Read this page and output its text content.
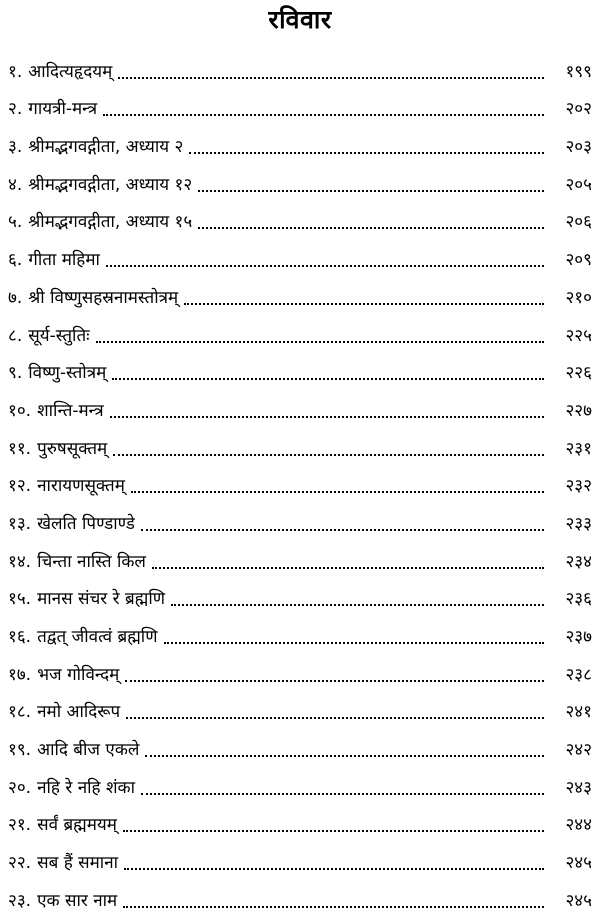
रविवार
१. आदित्यहृदयम्	१९९
२. गायत्री-मन्त्र	२०२
३. श्रीमद्भगवद्गीता, अध्याय २	२०३
४. श्रीमद्भगवद्गीता, अध्याय १२	२०५
५. श्रीमद्भगवद्गीता, अध्याय १५	२०६
६. गीता महिमा	२०९
७. श्री विष्णुसहस्रनामस्तोत्रम्	२१०
८. सूर्य-स्तुतिः	२२५
९. विष्णु-स्तोत्रम्	२२६
१०. शान्ति-मन्त्र	२२७
११. पुरुषसूक्तम्	२३१
१२. नारायणसूक्तम्	२३२
१३. खेलति पिण्डाण्डे	२३३
१४. चिन्ता नास्ति किल	२३४
१५. मानस संचर रे ब्रह्मणि	२३६
१६. तद्वत् जीवत्वं ब्रह्मणि	२३७
१७. भज गोविन्दम्	२३८
१८. नमो आदिरूप	२४१
१९. आदि बीज एकले	२४२
२०. नहि रे नहि शंका	२४३
२१. सर्वं ब्रह्ममयम्	२४४
२२. सब हैं समाना	२४५
२३. एक सार नाम	२४५
